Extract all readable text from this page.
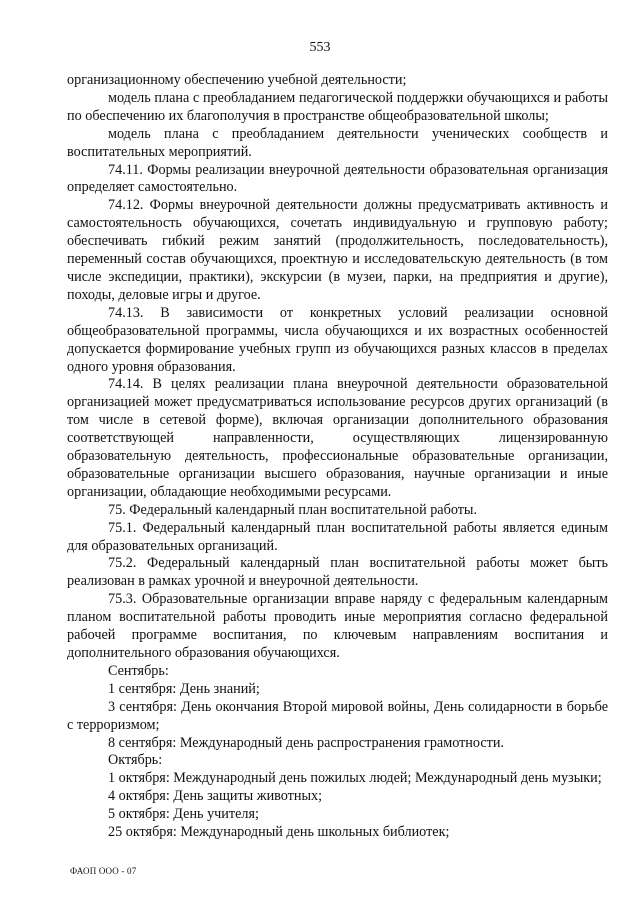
553

организационному обеспечению учебной деятельности;

модель плана с преобладанием педагогической поддержки обучающихся и работы по обеспечению их благополучия в пространстве общеобразовательной школы;

модель плана с преобладанием деятельности ученических сообществ и воспитательных мероприятий.

74.11. Формы реализации внеурочной деятельности образовательная организация определяет самостоятельно.

74.12. Формы внеурочной деятельности должны предусматривать активность и самостоятельность обучающихся, сочетать индивидуальную и групповую работу; обеспечивать гибкий режим занятий (продолжительность, последовательность), переменный состав обучающихся, проектную и исследовательскую деятельность (в том числе экспедиции, практики), экскурсии (в музеи, парки, на предприятия и другие), походы, деловые игры и другое.

74.13. В зависимости от конкретных условий реализации основной общеобразовательной программы, числа обучающихся и их возрастных особенностей допускается формирование учебных групп из обучающихся разных классов в пределах одного уровня образования.

74.14. В целях реализации плана внеурочной деятельности образовательной организацией может предусматриваться использование ресурсов других организаций (в том числе в сетевой форме), включая организации дополнительного образования соответствующей направленности, осуществляющих лицензированную образовательную деятельность, профессиональные образовательные организации, образовательные организации высшего образования, научные организации и иные организации, обладающие необходимыми ресурсами.

75. Федеральный календарный план воспитательной работы.

75.1. Федеральный календарный план воспитательной работы является единым для образовательных организаций.

75.2. Федеральный календарный план воспитательной работы может быть реализован в рамках урочной и внеурочной деятельности.

75.3. Образовательные организации вправе наряду с федеральным календарным планом воспитательной работы проводить иные мероприятия согласно федеральной рабочей программе воспитания, по ключевым направлениям воспитания и дополнительного образования обучающихся.

Сентябрь:

1 сентября: День знаний;

3 сентября: День окончания Второй мировой войны, День солидарности в борьбе с терроризмом;

8 сентября: Международный день распространения грамотности.

Октябрь:

1 октября: Международный день пожилых людей; Международный день музыки;

4 октября: День защиты животных;

5 октября: День учителя;

25 октября: Международный день школьных библиотек;

ФАОП ООО - 07
